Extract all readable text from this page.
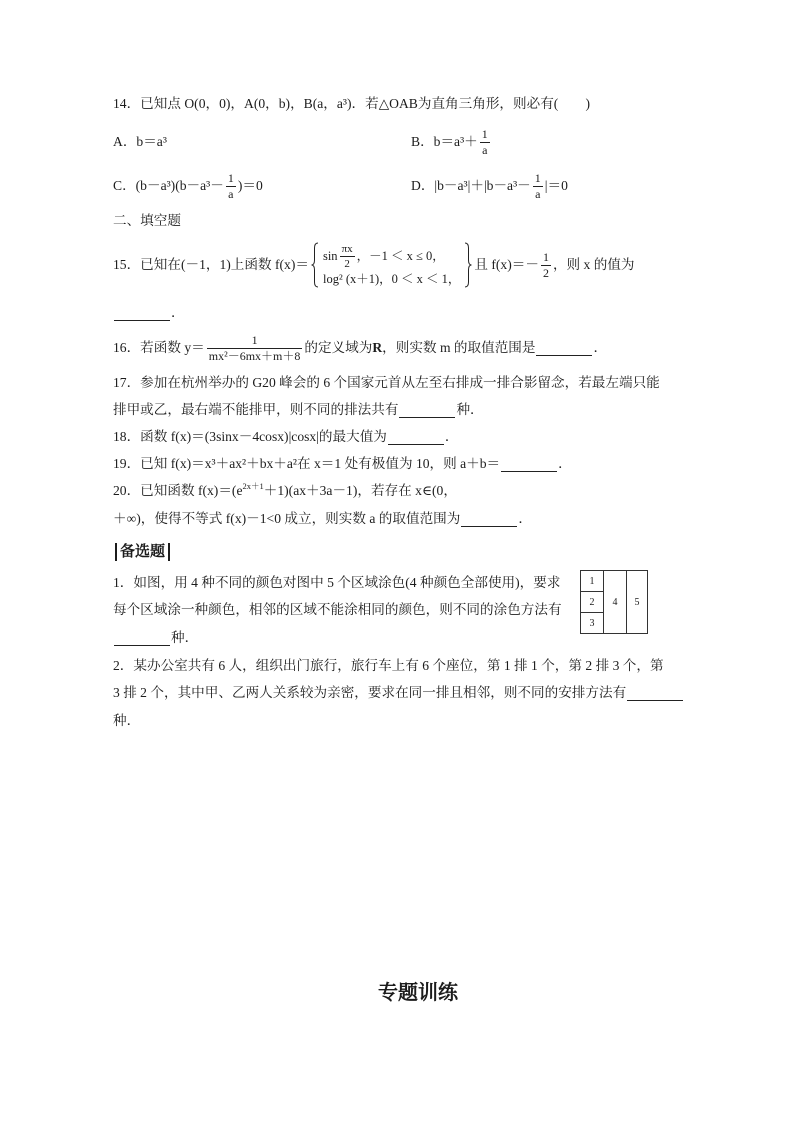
14．已知点 O(0，0)，A(0，b)，B(a，a³)．若△OAB为直角三角形，则必有(　　)
A．b＝a³	B．$b=a^3+ \frac{1}{a}$
C．$(b-a^3)(b-a^3- \frac{1}{a} )=0$	D．$|b-a^3|+|b-a^3- \frac{1}{a} |=0$
二、填空题
15．已知在(－1，1)上函数 f(x)＝
$\sin \frac{\pi x}{2}$ ，－1 ＜ x ≤ 0，
log² (x＋1)，0 ＜ x ＜ 1，
且 $f(x)=- \frac{1}{2}$ ，则 x 的值为
．
16．若函数 $y= \frac{1}{\text{mx²－6mx＋m＋8}}$ 的定义域为 R ，则实数 m 的取值范围是	．
17．参加在杭州举办的 G20 峰会的 6 个国家元首从左至右排成一排合影留念，若最左端只能
排甲或乙，最右端不能排甲，则不同的排法共有	种．
18．函数 f(x)＝(3sinx－4cosx)|cosx|的最大值为	．
19．已知 f(x)＝x³＋ax²＋bx＋a²在 x＝1 处有极值为 10，则 a＋b＝	．
20．已知函数 $f(x)=(e^{2x+1}+1)(ax+3a-1)$，若存在 x∈(0，
＋∞)，使得不等式 f(x)－1<0 成立，则实数 a 的取值范围为	．
备选题
1．如图，用 4 种不同的颜色对图中 5 个区域涂色(4 种颜色全部使用)，要求
每个区域涂一种颜色，相邻的区域不能涂相同的颜色，则不同的涂色方法有
种．
1
2
3
4	5
2．某办公室共有 6 人，组织出门旅行，旅行车上有 6 个座位，第 1 排 1 个，第 2 排 3 个，第
3 排 2 个，其中甲、乙两人关系较为亲密，要求在同一排且相邻，则不同的安排方法有
种．
专题训练
